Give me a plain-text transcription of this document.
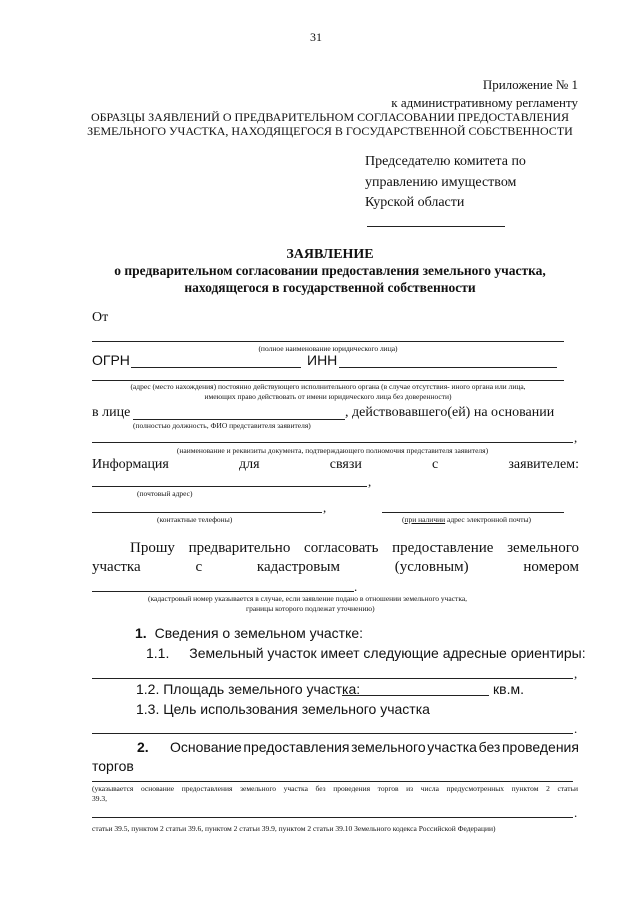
31
Приложение № 1
к административному регламенту
ОБРАЗЦЫ ЗАЯВЛЕНИЙ О ПРЕДВАРИТЕЛЬНОМ СОГЛАСОВАНИИ ПРЕДОСТАВЛЕНИЯ
ЗЕМЕЛЬНОГО УЧАСТКА, НАХОДЯЩЕГОСЯ В ГОСУДАРСТВЕННОЙ СОБСТВЕННОСТИ
Председателю комитета по
управлению имуществом
Курской области
ЗАЯВЛЕНИЕ
о предварительном согласовании предоставления земельного участка,
находящегося в государственной собственности
От
(полное наименование юридического лица)
ОГРН	ИНН
(адрес (место нахождения) постоянно действующего исполнительного органа (в случае отсутствия- иного органа или лица,
имеющих право действовать от имени юридического лица без доверенности)
в лице	, действовавшего(ей) на основании
(полностью должность, ФИО представителя заявителя)
,
(наименование и реквизиты документа, подтверждающего полномочия представителя заявителя)
Информация	для	связи	с	заявителем:
,
(почтовый адрес)
,
(контактные телефоны)	(при наличии адрес электронной почты)
Прошу предварительно согласовать предоставление земельного
участка	с	кадастровым	(условным)	номером
.
(кадастровый номер указывается в случае, если заявление подано в отношении земельного участка,
границы которого подлежат уточнению)
1. Сведения о земельном участке:
1.1. Земельный участок имеет следующие адресные ориентиры:
,
1.2. Площадь земельного участка:	кв.м.
1.3. Цель использования земельного участка
.
2. Основание предоставления земельного участка без проведения
торгов
(указывается основание предоставления земельного участка без проведения торгов из числа предусмотренных пунктом 2 статьи
39.3,
.
статьи 39.5, пунктом 2 статьи 39.6, пунктом 2 статьи 39.9, пунктом 2 статьи 39.10 Земельного кодекса Российской Федерации)
